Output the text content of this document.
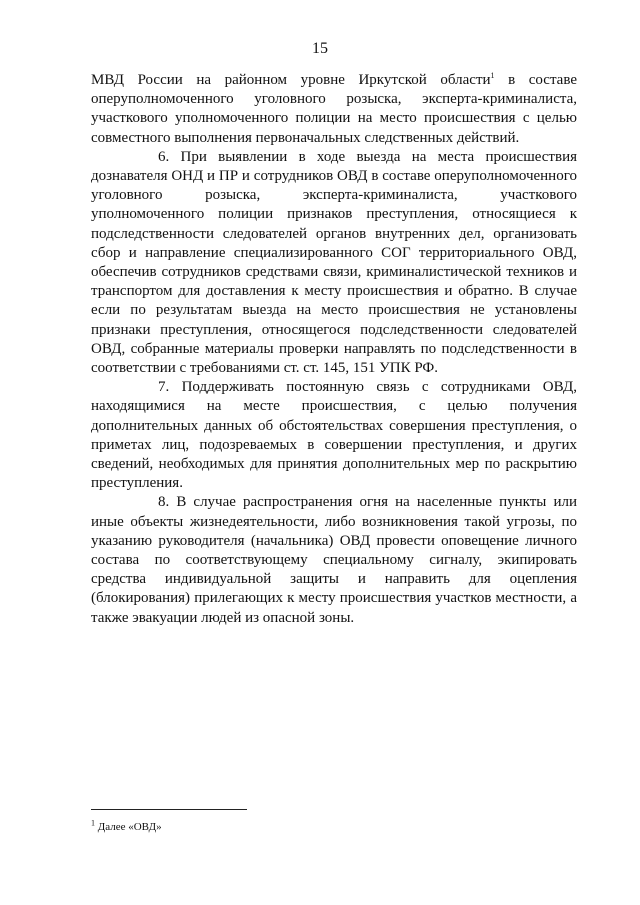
15

МВД России на районном уровне Иркутской области$^1$ в составе оперуполномоченного уголовного розыска, эксперта-криминалиста, участкового уполномоченного полиции на место происшествия с целью совместного выполнения первоначальных следственных действий.

6. При выявлении в ходе выезда на места происшествия дознавателя ОНД и ПР и сотрудников ОВД в составе оперуполномоченного уголовного розыска, эксперта-криминалиста, участкового уполномоченного полиции признаков преступления, относящиеся к подследственности следователей органов внутренних дел, организовать сбор и направление специализированного СОГ территориального ОВД, обеспечив сотрудников средствами связи, криминалистической техников и транспортом для доставления к месту происшествия и обратно. В случае если по результатам выезда на место происшествия не установлены признаки преступления, относящегося подследственности следователей ОВД, собранные материалы проверки направлять по подследственности в соответствии с требованиями ст. ст. 145, 151 УПК РФ.

7. Поддерживать постоянную связь с сотрудниками ОВД, находящимися на месте происшествия, с целью получения дополнительных данных об обстоятельствах совершения преступления, о приметах лиц, подозреваемых в совершении преступления, и других сведений, необходимых для принятия дополнительных мер по раскрытию преступления.

8. В случае распространения огня на населенные пункты или иные объекты жизнедеятельности, либо возникновения такой угрозы, по указанию руководителя (начальника) ОВД провести оповещение личного состава по соответствующему специальному сигналу, экипировать средства индивидуальной защиты и направить для оцепления (блокирования) прилегающих к месту происшествия участков местности, а также эвакуации людей из опасной зоны.

$^1$ Далее «ОВД»
